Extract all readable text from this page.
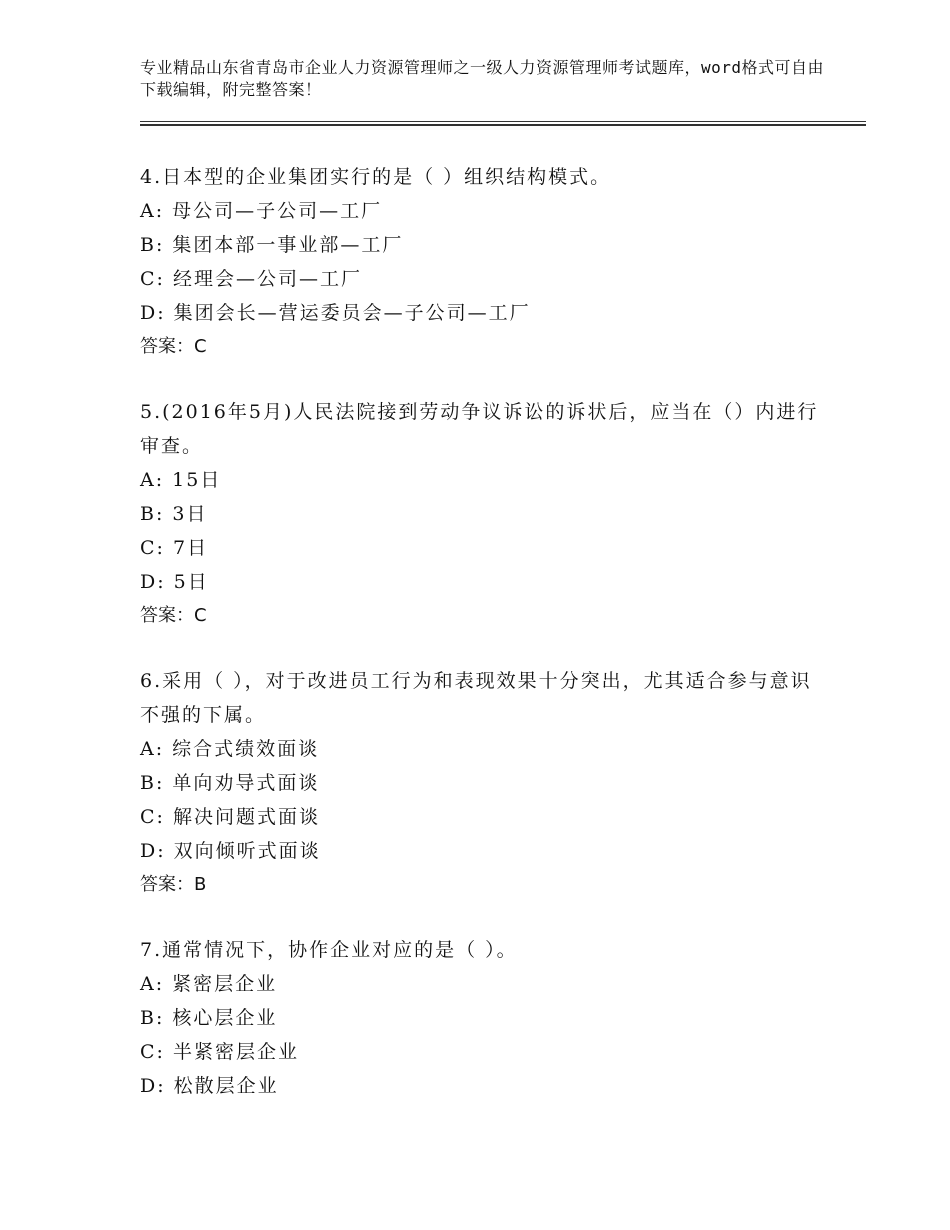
专业精品山东省青岛市企业人力资源管理师之一级人力资源管理师考试题库，word格式可自由下载编辑，附完整答案！
4.日本型的企业集团实行的是（ ）组织结构模式。
A: 母公司—子公司—工厂
B: 集团本部一事业部—工厂
C: 经理会—公司—工厂
D: 集团会长—营运委员会—子公司—工厂
答案：C
5.(2016年5月)人民法院接到劳动争议诉讼的诉状后，应当在（）内进行审查。
A: 15日
B: 3日
C: 7日
D: 5日
答案：C
6.采用（ ），对于改进员工行为和表现效果十分突出，尤其适合参与意识不强的下属。
A: 综合式绩效面谈
B: 单向劝导式面谈
C: 解决问题式面谈
D: 双向倾听式面谈
答案：B
7.通常情况下，协作企业对应的是（ ）。
A: 紧密层企业
B: 核心层企业
C: 半紧密层企业
D: 松散层企业
